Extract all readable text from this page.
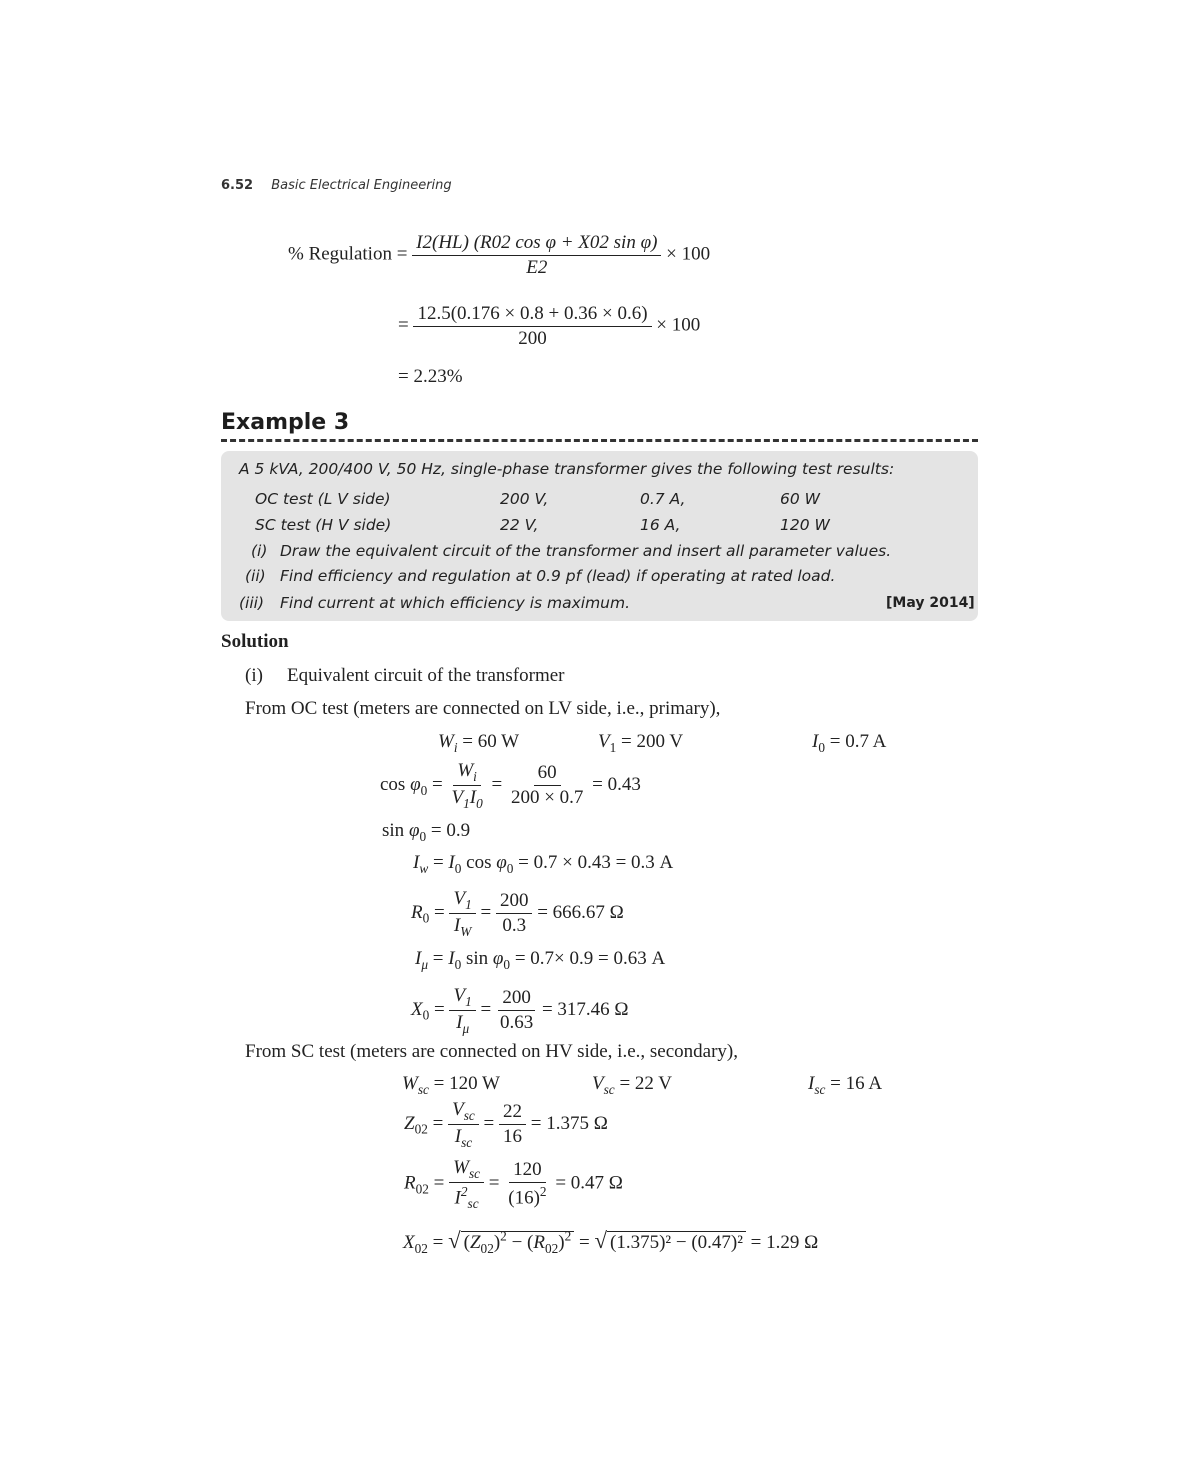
6.52 Basic Electrical Engineering
% Regulation = $\frac{\text{I2(HL) (R02 cos φ + X02 sin φ)}}{E2} \times 100$
= $\frac{12.5(0.176 \times 0.8 + 0.36 \times 0.6)}{200} \times 100$
= 2.23%
Example 3
A 5 kVA, 200/400 V, 50 Hz, single-phase transformer gives the following test results:
OC test (L V side)	200 V,	0.7 A,	60 W
SC test (H V side)	22 V,	16 A,	120 W
(i) Draw the equivalent circuit of the transformer and insert all parameter values.
(ii) Find efficiency and regulation at 0.9 pf (lead) if operating at rated load.
(iii) Find current at which efficiency is maximum.	[May 2014]
Solution
(i) Equivalent circuit of the transformer
From OC test (meters are connected on LV side, i.e., primary),
$W_i = 60$ W	$V_1 = 200$ V	$I_0 = 0.7$ A
$\cos \varphi_0 = \frac{W_i}{V_1I_0} = \frac{60}{200 \times 0.7} = 0.43$
$\sin \varphi_0 = 0.9$
$I_w = I_0$ $\cos \varphi_0 = 0.7 \times 0.43 = 0.3$ A
$R_0 = \frac{V_1}{I_W} = \frac{200}{0.3} = 666.67$ Ω
$I_\mu = I_0$ $\sin \varphi_0 = 0.7\times 0.9 = 0.63$ A
$X_0 = \frac{V_1}{I_\mu} = \frac{200}{0.63} = 317.46$ Ω
From SC test (meters are connected on HV side, i.e., secondary),
$W_{sc} = 120$ W	$V_{sc} = 22$ V	$I_{sc} = 16$ A
$Z_{02} = \frac{V_{sc}}{I_{sc}} = \frac{22}{16} = 1.375$ Ω
$R_{02} = \frac{W_{sc}}{I^2_{sc}} = \frac{120}{(16)^2} = 0.47$ Ω
$X_{02}$ = √ $(Z_{02})^2 - (R_{02})^2$ = √ (1.375)² − (0.47)² = 1.29 Ω
